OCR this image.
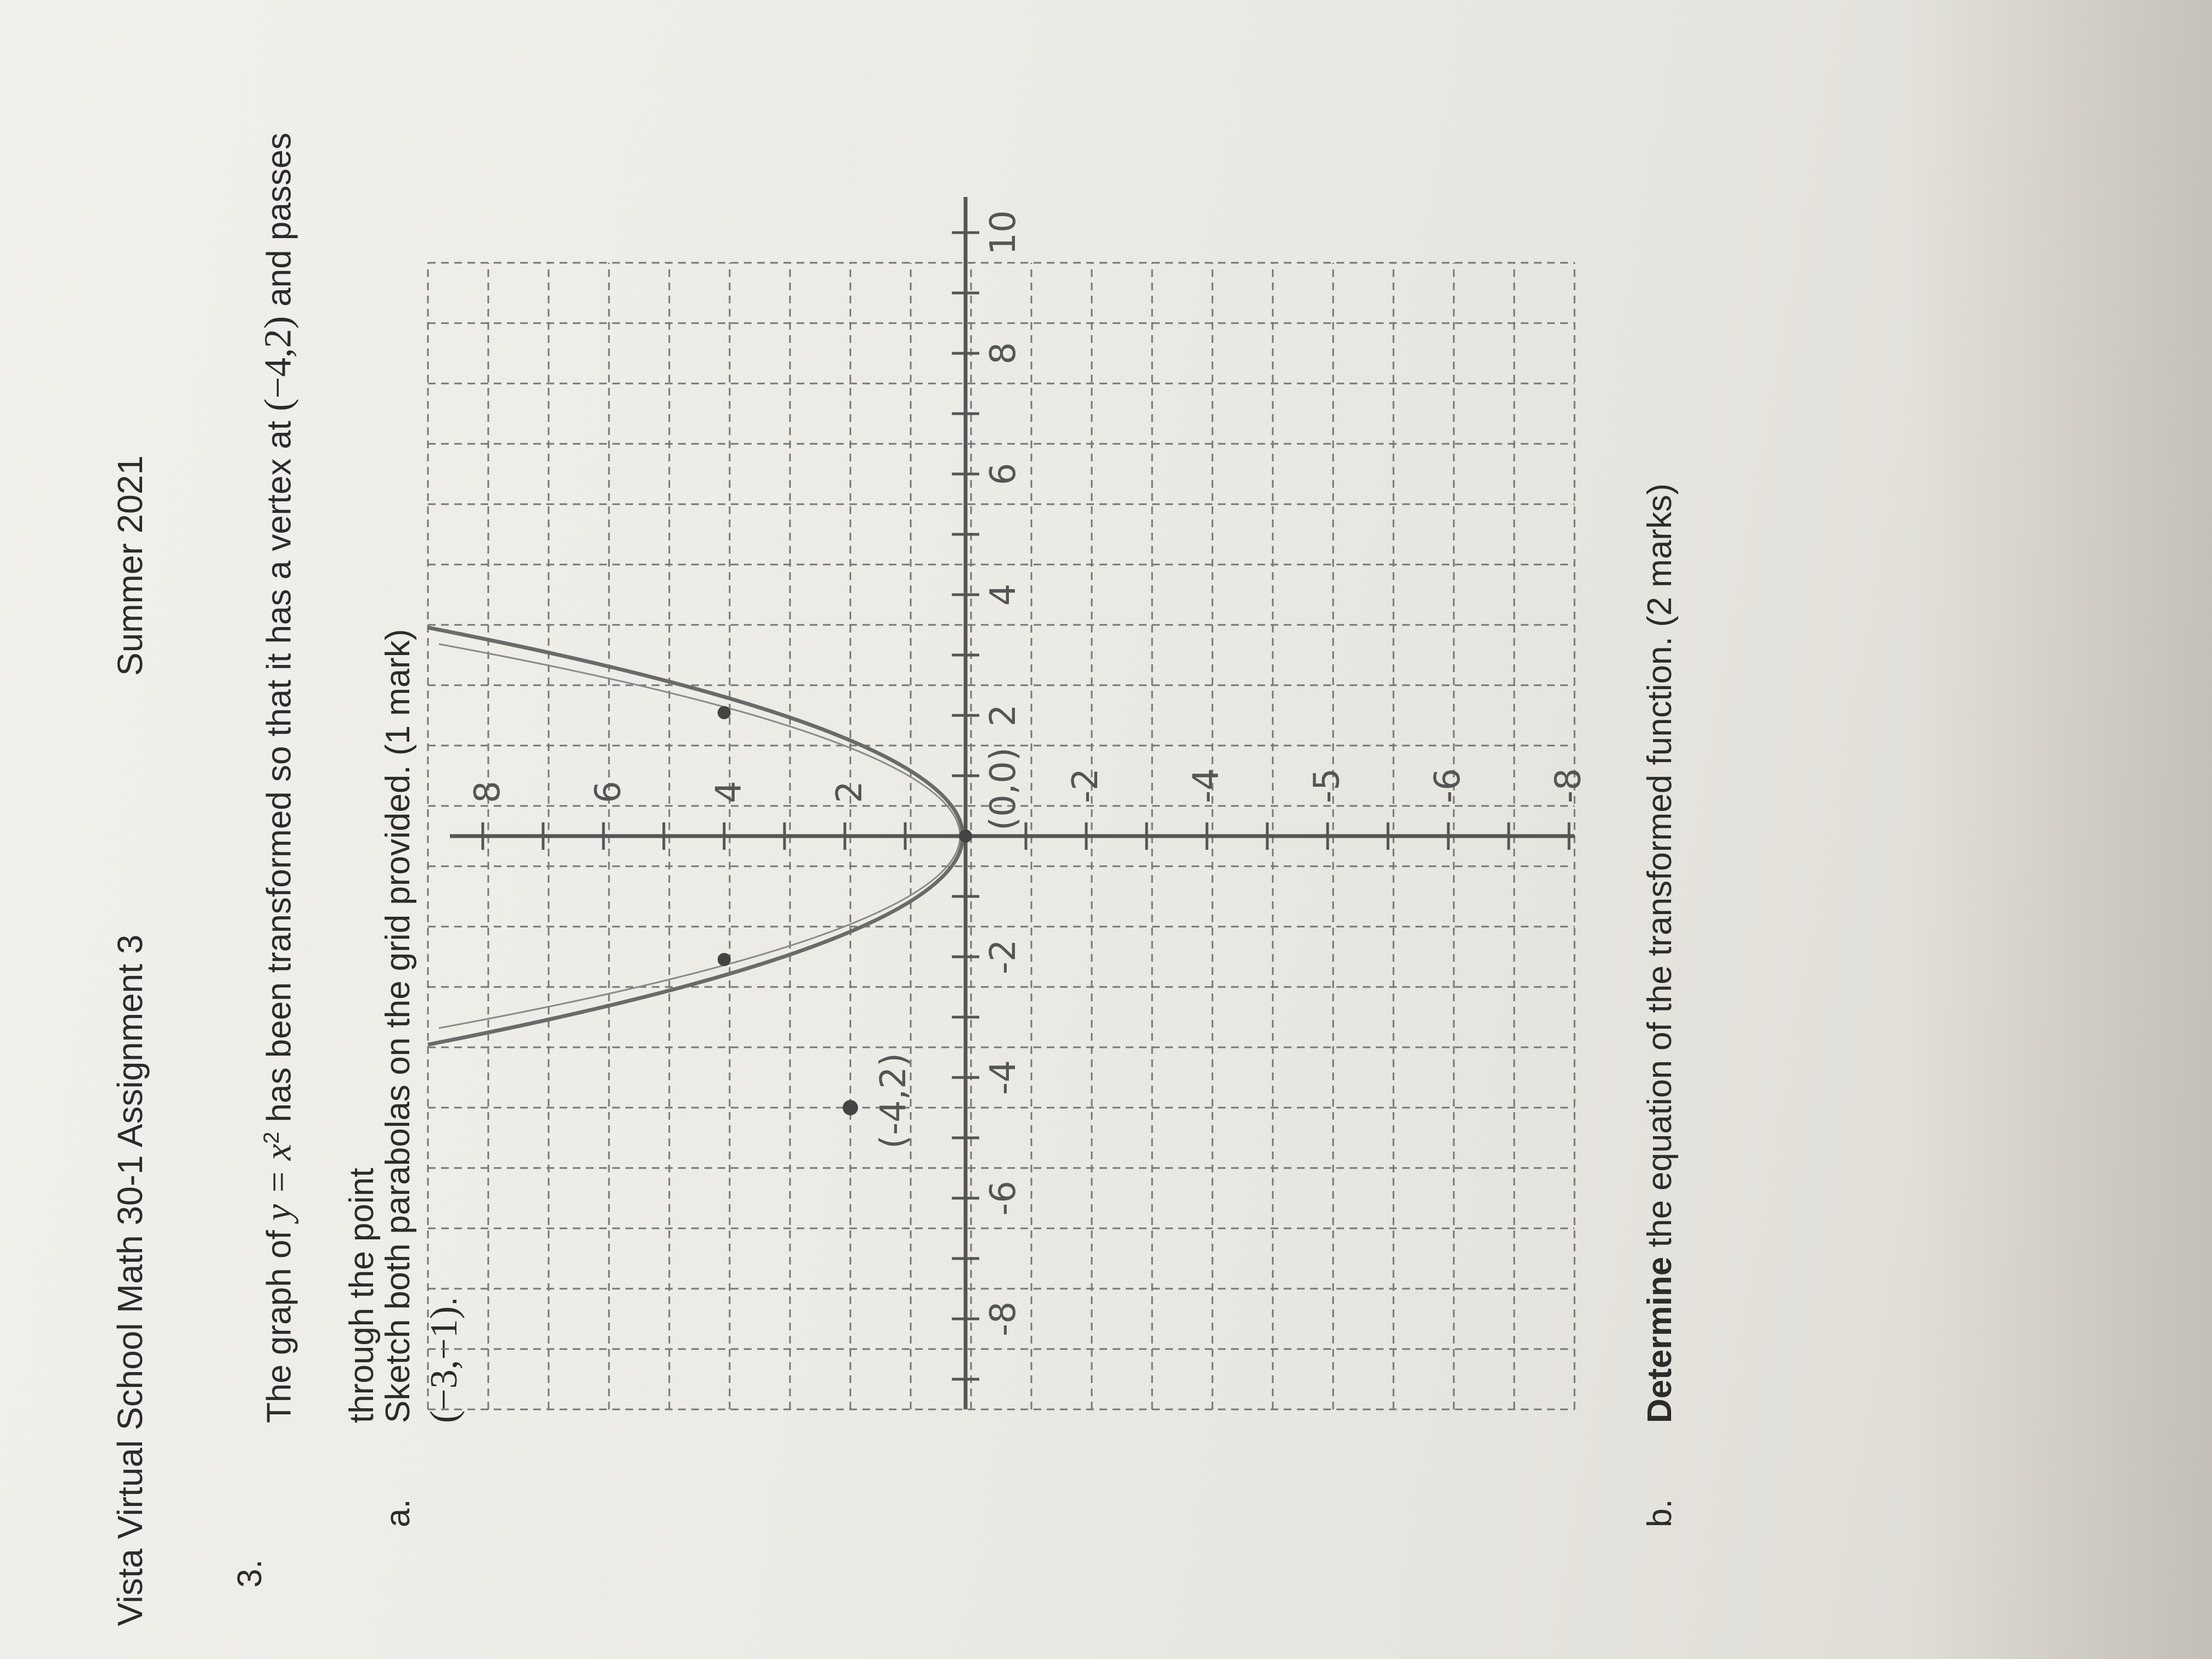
Vista Virtual School Math 30-1 Assignment 3
Summer 2021
3.
The graph of $y = x^2$ has been transformed so that it has a vertex at (−4,2) and passes through the point (−3,−1).
a.
Sketch both parabolas on the grid provided. (1 mark)	-8
-6
-4
-2
2
4
6
8
10
8 6 4 2	-2 -4 -5 -6 -8
(-4,2)
(0,0)
b.
Determine the equation of the transformed function. (2 marks)
